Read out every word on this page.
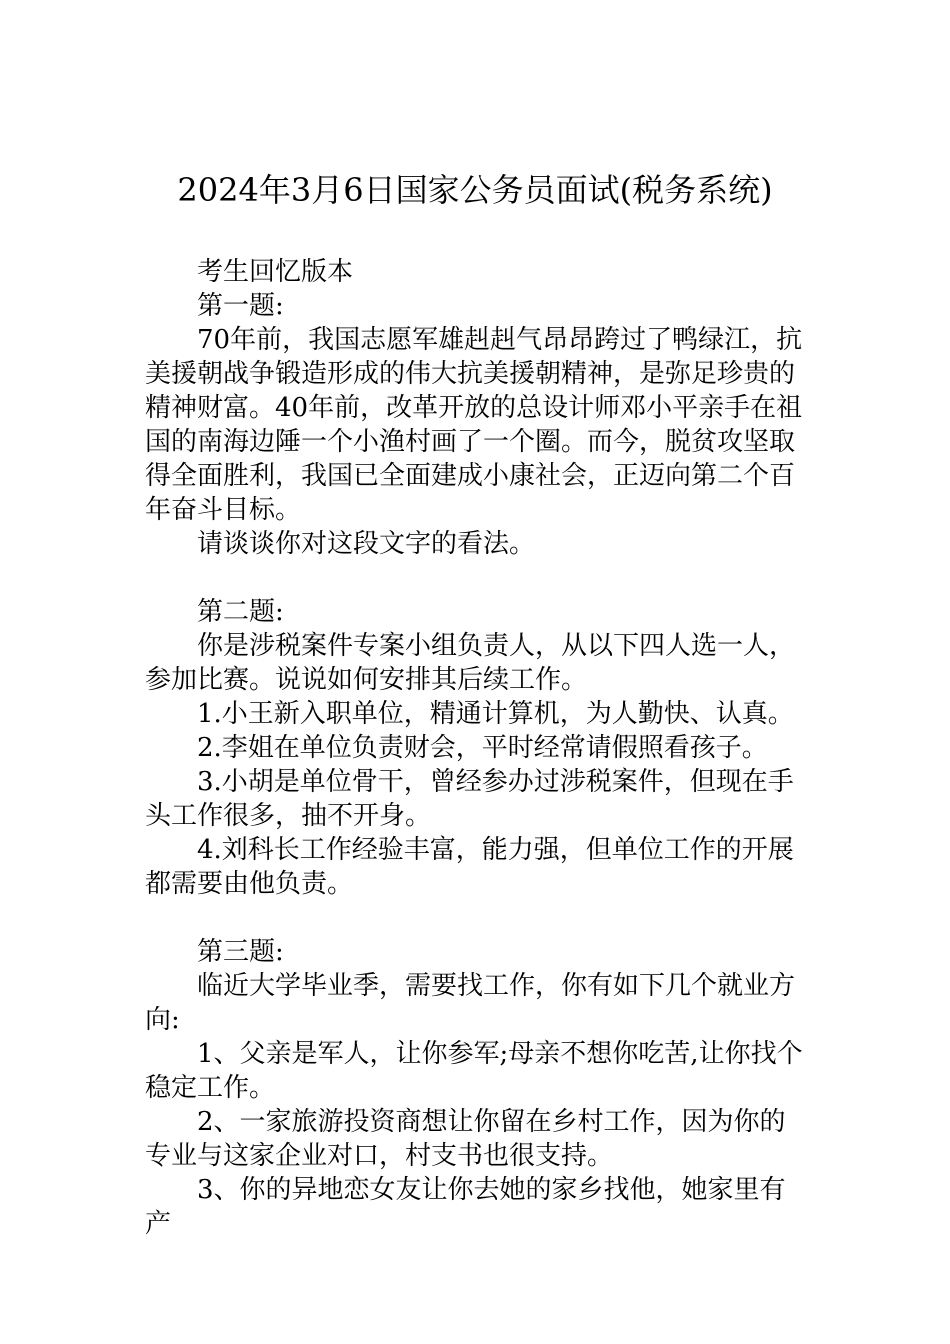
2024年3月6日国家公务员面试(税务系统)

考生回忆版本

第一题:

70年前，我国志愿军雄赳赳气昂昂跨过了鸭绿江，抗美援朝战争锻造形成的伟大抗美援朝精神，是弥足珍贵的精神财富。40年前，改革开放的总设计师邓小平亲手在祖国的南海边陲一个小渔村画了一个圈。而今，脱贫攻坚取得全面胜利，我国已全面建成小康社会，正迈向第二个百年奋斗目标。

请谈谈你对这段文字的看法。

第二题:

你是涉税案件专案小组负责人，从以下四人选一人，参加比赛。说说如何安排其后续工作。

1.小王新入职单位，精通计算机，为人勤快、认真。

2.李姐在单位负责财会，平时经常请假照看孩子。

3.小胡是单位骨干，曾经参办过涉税案件，但现在手头工作很多，抽不开身。

4.刘科长工作经验丰富，能力强，但单位工作的开展都需要由他负责。

第三题:

临近大学毕业季，需要找工作，你有如下几个就业方向:

1、父亲是军人，让你参军;母亲不想你吃苦,让你找个稳定工作。

2、一家旅游投资商想让你留在乡村工作，因为你的专业与这家企业对口，村支书也很支持。

3、你的异地恋女友让你去她的家乡找他，她家里有产
